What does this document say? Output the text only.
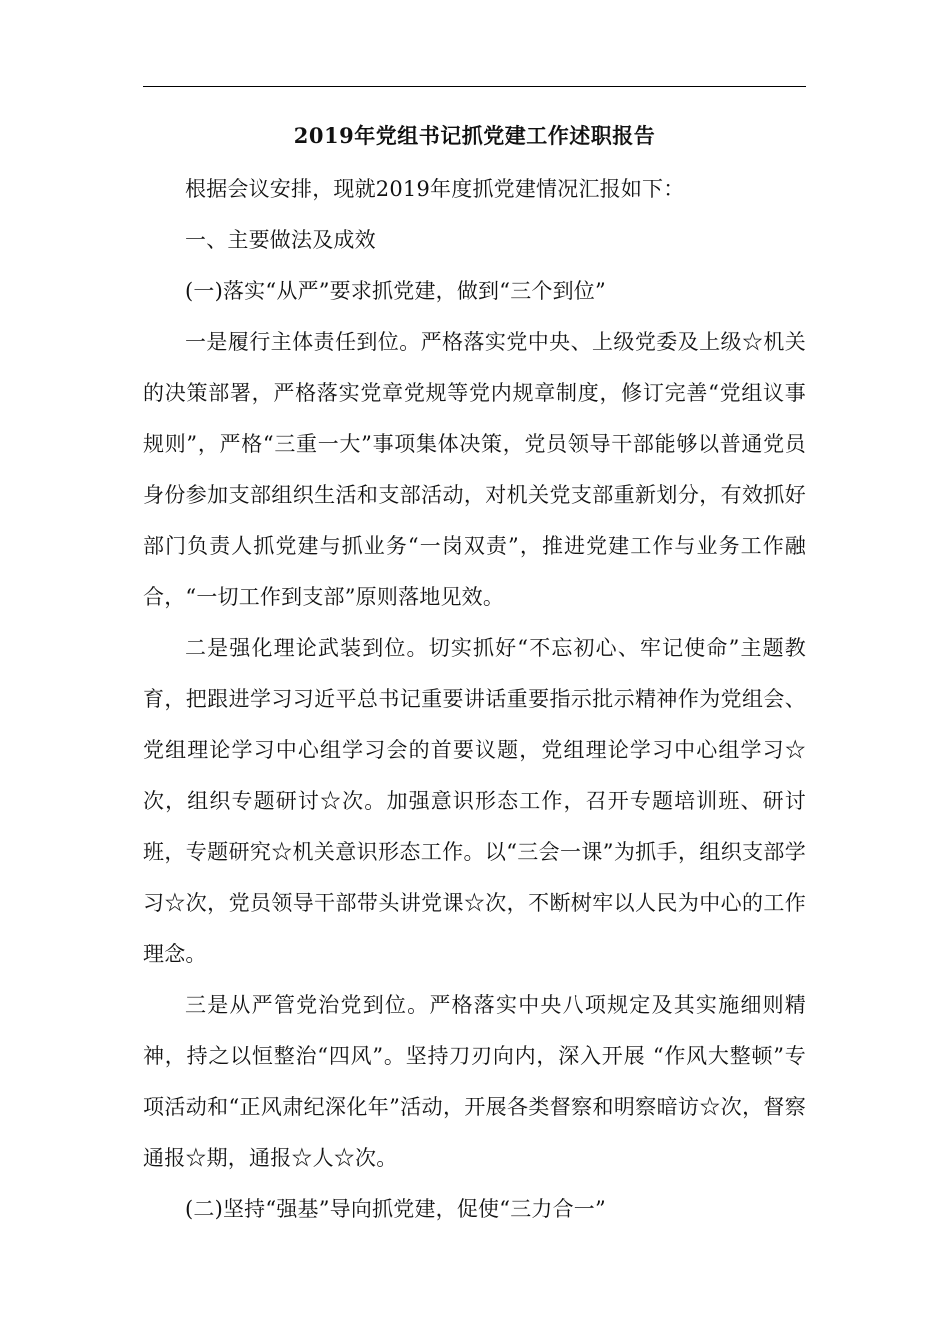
2019年党组书记抓党建工作述职报告

根据会议安排，现就2019年度抓党建情况汇报如下：

一、主要做法及成效

(一)落实“从严”要求抓党建，做到“三个到位”

一是履行主体责任到位。严格落实党中央、上级党委及上级☆机关的决策部署，严格落实党章党规等党内规章制度，修订完善“党组议事规则”，严格“三重一大”事项集体决策，党员领导干部能够以普通党员身份参加支部组织生活和支部活动，对机关党支部重新划分，有效抓好部门负责人抓党建与抓业务“一岗双责”，推进党建工作与业务工作融合，“一切工作到支部”原则落地见效。

二是强化理论武装到位。切实抓好“不忘初心、牢记使命”主题教育，把跟进学习习近平总书记重要讲话重要指示批示精神作为党组会、党组理论学习中心组学习会的首要议题，党组理论学习中心组学习☆次，组织专题研讨☆次。加强意识形态工作，召开专题培训班、研讨班，专题研究☆机关意识形态工作。以“三会一课”为抓手，组织支部学习☆次，党员领导干部带头讲党课☆次，不断树牢以人民为中心的工作理念。

三是从严管党治党到位。严格落实中央八项规定及其实施细则精神，持之以恒整治“四风”。坚持刀刃向内，深入开展 “作风大整顿”专项活动和“正风肃纪深化年”活动，开展各类督察和明察暗访☆次，督察通报☆期，通报☆人☆次。

(二)坚持“强基”导向抓党建，促使“三力合一”
